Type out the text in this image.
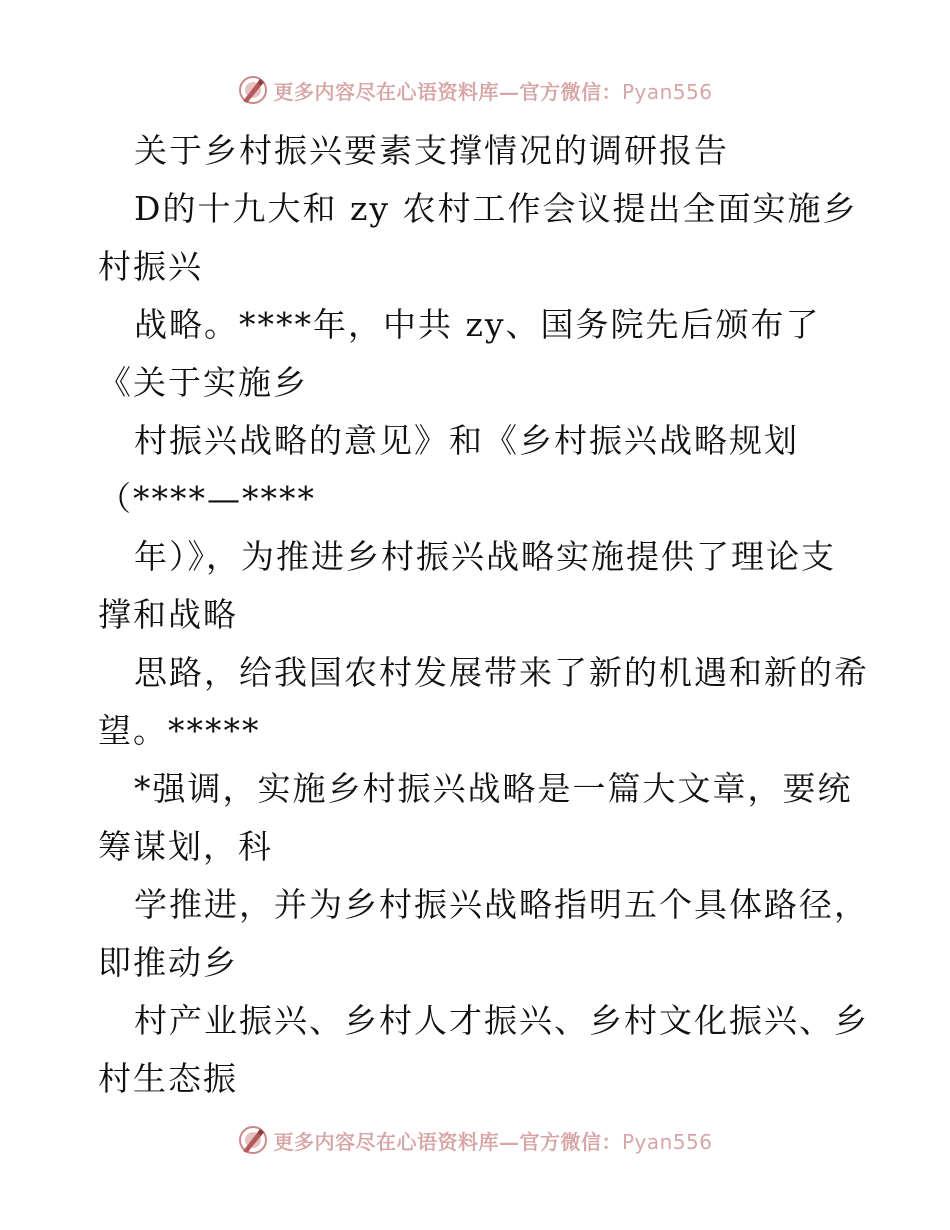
更多内容尽在心语资料库—官方微信：Pyan556
关于乡村振兴要素支撑情况的调研报告
D的十九大和 zy 农村工作会议提出全面实施乡
村振兴
战略。****年，中共 zy、国务院先后颁布了
《关于实施乡
村振兴战略的意见》和《乡村振兴战略规划
（****—****
年）》，为推进乡村振兴战略实施提供了理论支
撑和战略
思路，给我国农村发展带来了新的机遇和新的希
望。*****
*强调，实施乡村振兴战略是一篇大文章，要统
筹谋划，科
学推进，并为乡村振兴战略指明五个具体路径，
即推动乡
村产业振兴、乡村人才振兴、乡村文化振兴、乡
村生态振
更多内容尽在心语资料库—官方微信：Pyan556
